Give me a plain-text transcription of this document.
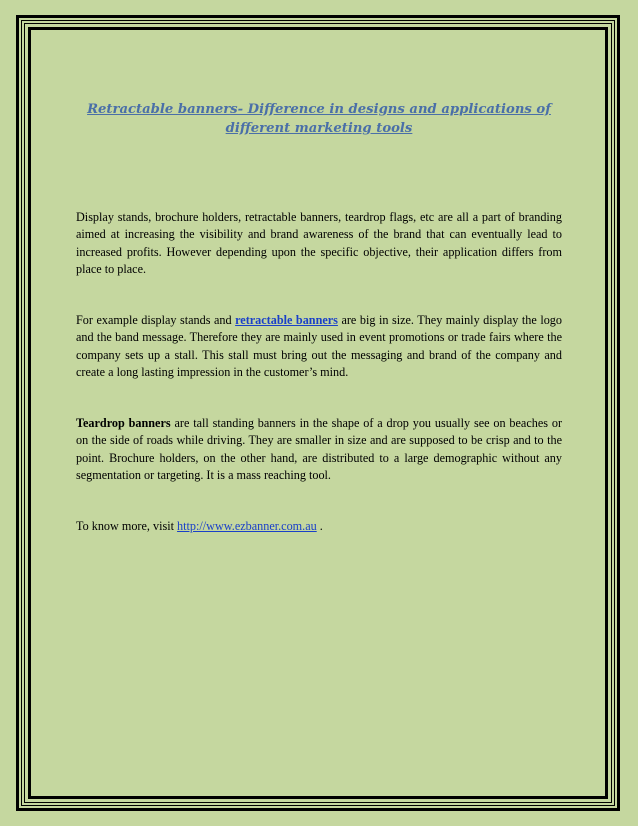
Retractable banners- Difference in designs and applications of different marketing tools

Display stands, brochure holders, retractable banners, teardrop flags, etc are all a part of branding aimed at increasing the visibility and brand awareness of the brand that can eventually lead to increased profits. However depending upon the specific objective, their application differs from place to place.

For example display stands and retractable banners are big in size. They mainly display the logo and the band message. Therefore they are mainly used in event promotions or trade fairs where the company sets up a stall. This stall must bring out the messaging and brand of the company and create a long lasting impression in the customer’s mind.

Teardrop banners are tall standing banners in the shape of a drop you usually see on beaches or on the side of roads while driving. They are smaller in size and are supposed to be crisp and to the point. Brochure holders, on the other hand, are distributed to a large demographic without any segmentation or targeting. It is a mass reaching tool.

To know more, visit http://www.ezbanner.com.au .
